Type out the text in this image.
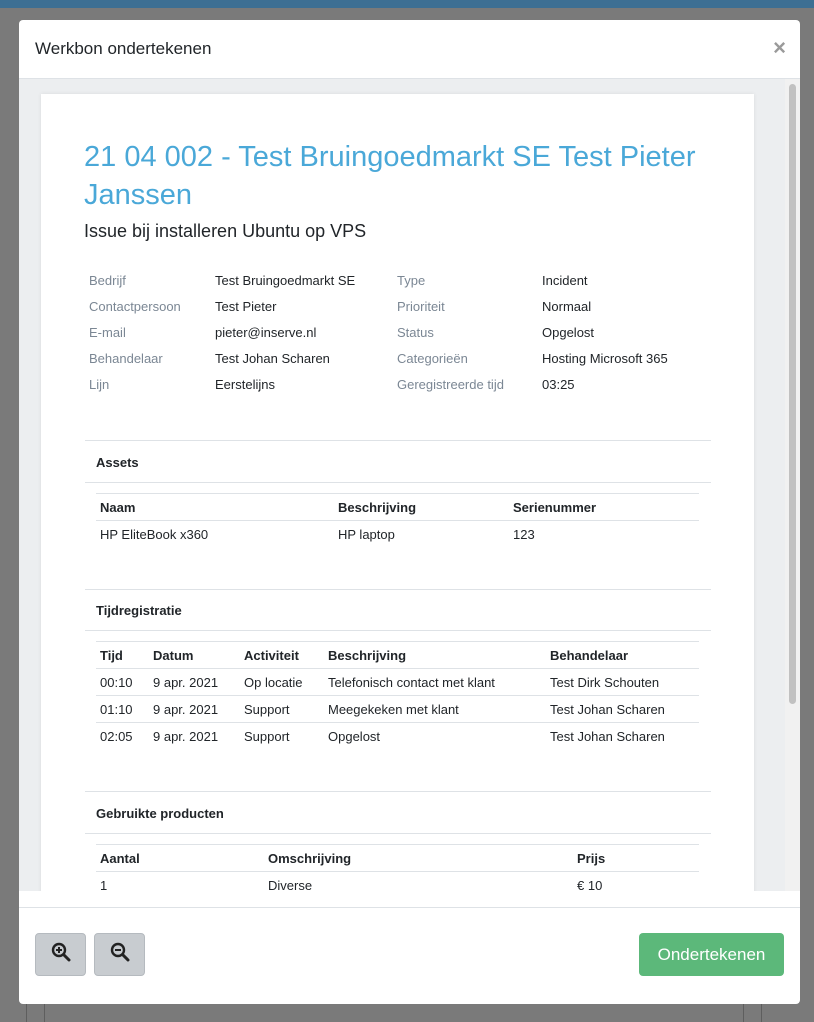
Werkbon ondertekenen	×
21 04 002 - Test Bruingoedmarkt SE Test Pieter Janssen
Issue bij installeren Ubuntu op VPS
Bedrijf	Test Bruingoedmarkt SE	Type	Incident
Contactpersoon	Test Pieter	Prioriteit	Normaal
E-mail	pieter@inserve.nl	Status	Opgelost
Behandelaar	Test Johan Scharen	Categorieën	Hosting Microsoft 365
Lijn	Eerstelijns	Geregistreerde tijd	03:25
Assets
Naam	Beschrijving	Serienummer
HP EliteBook x360	HP laptop	123
Tijdregistratie
Tijd	Datum	Activiteit	Beschrijving	Behandelaar
00:10	9 apr. 2021	Op locatie	Telefonisch contact met klant	Test Dirk Schouten
01:10	9 apr. 2021	Support	Meegekeken met klant	Test Johan Scharen
02:05	9 apr. 2021	Support	Opgelost	Test Johan Scharen
Gebruikte producten
Aantal	Omschrijving	Prijs
1	Diverse	€ 10
Ondertekenen
